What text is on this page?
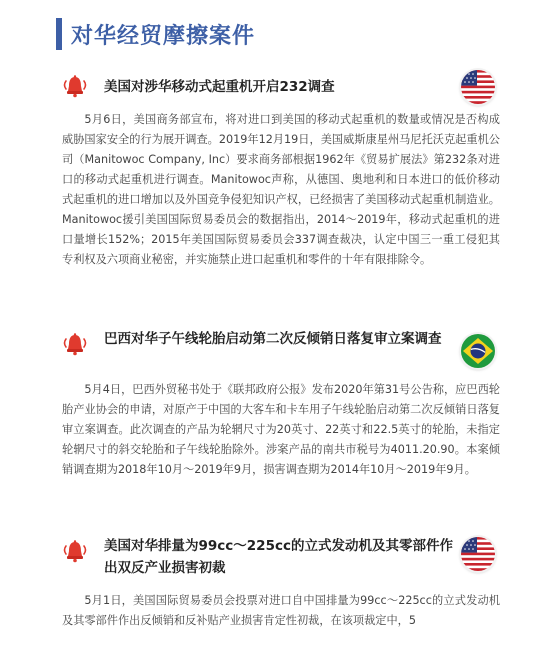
对华经贸摩擦案件
美国对涉华移动式起重机开启232调查

5月6日，美国商务部宣布，将对进口到美国的移动式起重机的数量或情况是否构成威胁国家安全的行为展开调查。2019年12月19日，美国威斯康星州马尼托沃克起重机公司（Manitowoc Company, Inc）要求商务部根据1962年《贸易扩展法》第232条对进口的移动式起重机进行调查。Manitowoc声称，从德国、奥地利和日本进口的低价移动式起重机的进口增加以及外国竞争侵犯知识产权，已经损害了美国移动式起重机制造业。Manitowoc援引美国国际贸易委员会的数据指出，2014～2019年，移动式起重机的进口量增长152%；2015年美国国际贸易委员会337调查裁决，认定中国三一重工侵犯其专利权及六项商业秘密，并实施禁止进口起重机和零件的十年有限排除令。

巴西对华子午线轮胎启动第二次反倾销日落复审立案调查

5月4日，巴西外贸秘书处于《联邦政府公报》发布2020年第31号公告称，应巴西轮胎产业协会的申请，对原产于中国的大客车和卡车用子午线轮胎启动第二次反倾销日落复审立案调查。此次调查的产品为轮辋尺寸为20英寸、22英寸和22.5英寸的轮胎，未指定轮辋尺寸的斜交轮胎和子午线轮胎除外。涉案产品的南共市税号为4011.20.90。本案倾销调查期为2018年10月～2019年9月，损害调查期为2014年10月～2019年9月。

美国对华排量为99cc～225cc的立式发动机及其零部件作出双反产业损害初裁

5月1日，美国国际贸易委员会投票对进口自中国排量为99cc～225cc的立式发动机及其零部件作出反倾销和反补贴产业损害肯定性初裁，在该项裁定中，5
